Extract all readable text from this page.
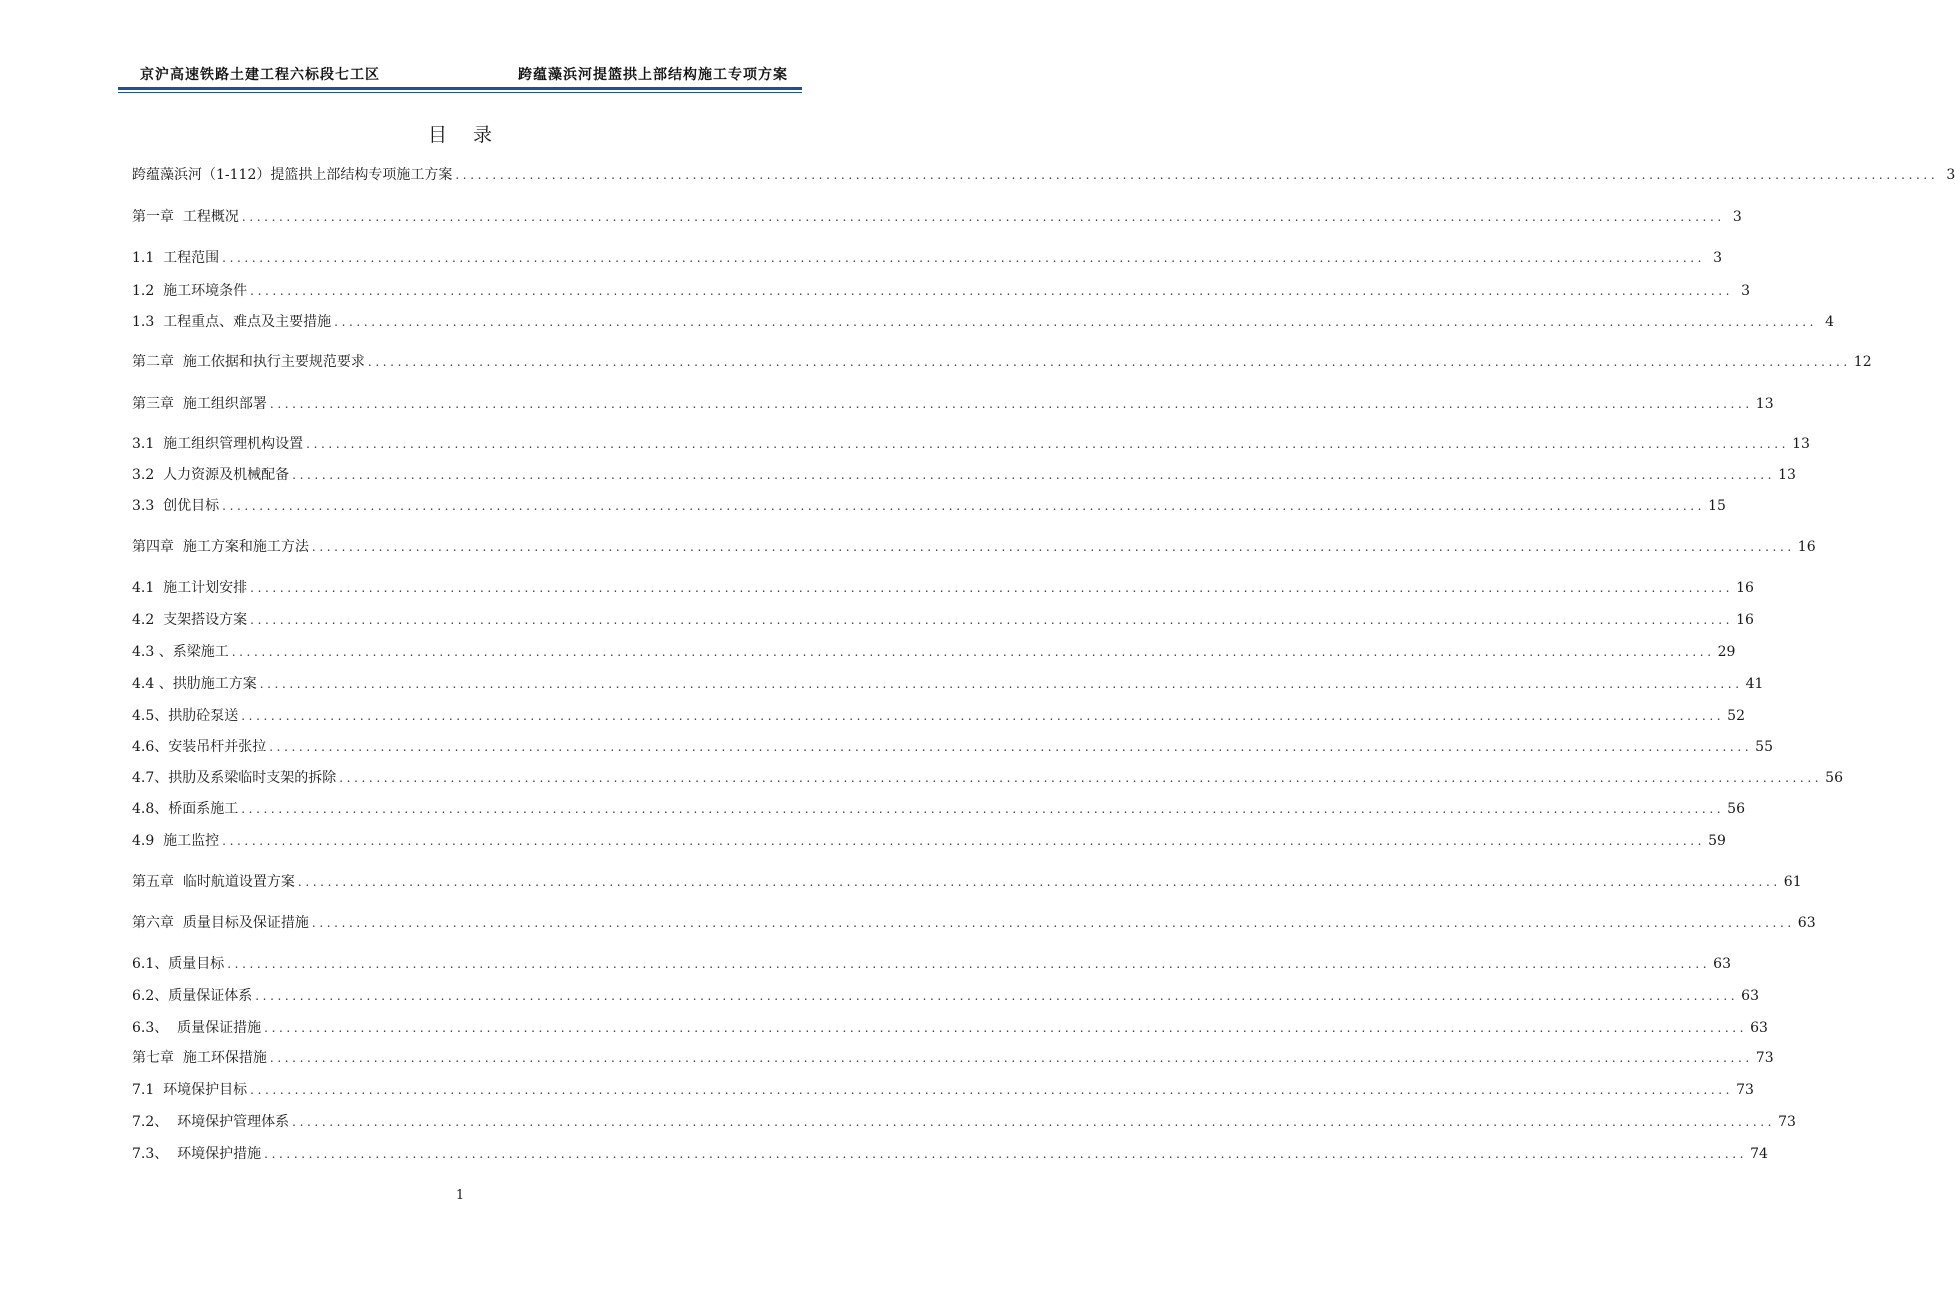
京沪高速铁路土建工程六标段七工区	跨蕴藻浜河提篮拱上部结构施工专项方案
目录
跨蕴藻浜河（1-112）提篮拱上部结构专项施工方案 ........................................................................................................................................................................................................ 3
第一章  工程概况 ........................................................................................................................................................................................................ 3
1.1  工程范围 ........................................................................................................................................................................................................ 3
1.2  施工环境条件 ........................................................................................................................................................................................................ 3
1.3  工程重点、难点及主要措施 ........................................................................................................................................................................................................ 4
第二章  施工依据和执行主要规范要求 ........................................................................................................................................................................................................ 12
第三章  施工组织部署 ........................................................................................................................................................................................................ 13
3.1  施工组织管理机构设置 ........................................................................................................................................................................................................ 13
3.2  人力资源及机械配备 ........................................................................................................................................................................................................ 13
3.3  创优目标 ........................................................................................................................................................................................................ 15
第四章  施工方案和施工方法 ........................................................................................................................................................................................................ 16
4.1  施工计划安排 ........................................................................................................................................................................................................ 16
4.2  支架搭设方案 ........................................................................................................................................................................................................ 16
4.3 、系梁施工 ........................................................................................................................................................................................................ 29
4.4 、拱肋施工方案 ........................................................................................................................................................................................................ 41
4.5、拱肋砼泵送 ........................................................................................................................................................................................................ 52
4.6、安装吊杆并张拉 ........................................................................................................................................................................................................ 55
4.7、拱肋及系梁临时支架的拆除 ........................................................................................................................................................................................................ 56
4.8、桥面系施工 ........................................................................................................................................................................................................ 56
4.9  施工监控 ........................................................................................................................................................................................................ 59
第五章  临时航道设置方案 ........................................................................................................................................................................................................ 61
第六章  质量目标及保证措施 ........................................................................................................................................................................................................ 63
6.1、质量目标 ........................................................................................................................................................................................................ 63
6.2、质量保证体系 ........................................................................................................................................................................................................ 63
6.3、  质量保证措施 ........................................................................................................................................................................................................ 63
第七章  施工环保措施 ........................................................................................................................................................................................................ 73
7.1  环境保护目标 ........................................................................................................................................................................................................ 73
7.2、  环境保护管理体系 ........................................................................................................................................................................................................ 73
7.3、  环境保护措施 ........................................................................................................................................................................................................ 74
1
